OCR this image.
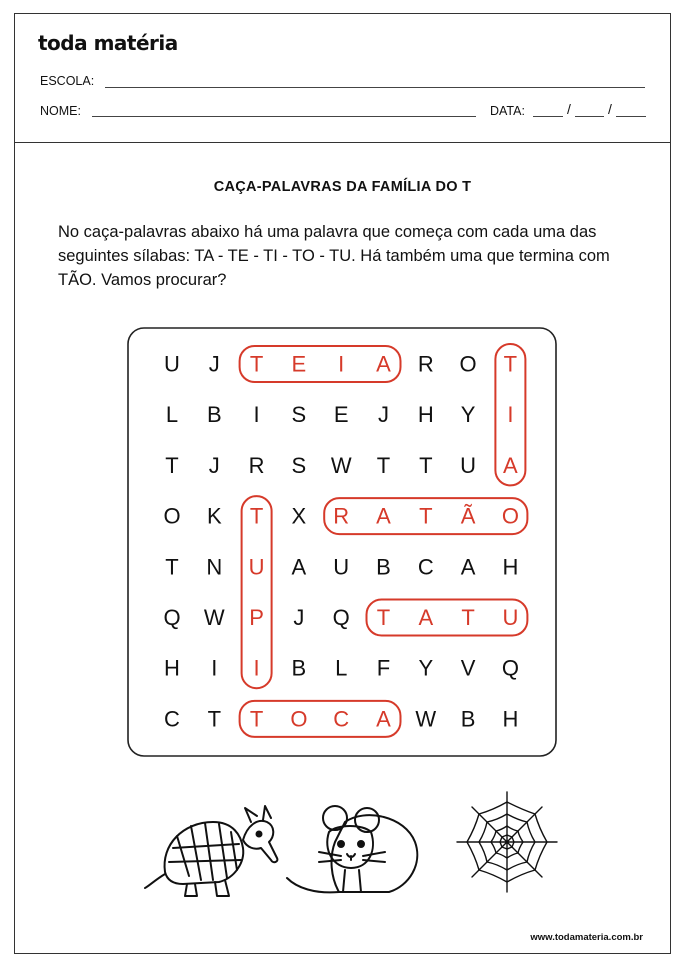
toda matéria
ESCOLA:
NOME:	DATA:	/	/
CAÇA-PALAVRAS DA FAMÍLIA DO T
No caça-palavras abaixo há uma palavra que começa com cada uma das seguintes sílabas: TA - TE - TI - TO - TU. Há também uma que termina com TÃO. Vamos procurar?
U J T E I A R O T
L B I S E J H Y I
T J R S W T T U A
O K T X R A T Ã O
T N U A U B C A H
Q W P J Q T A T U
H I I B L F Y V Q
C T T O C A W B H
www.todamateria.com.br
